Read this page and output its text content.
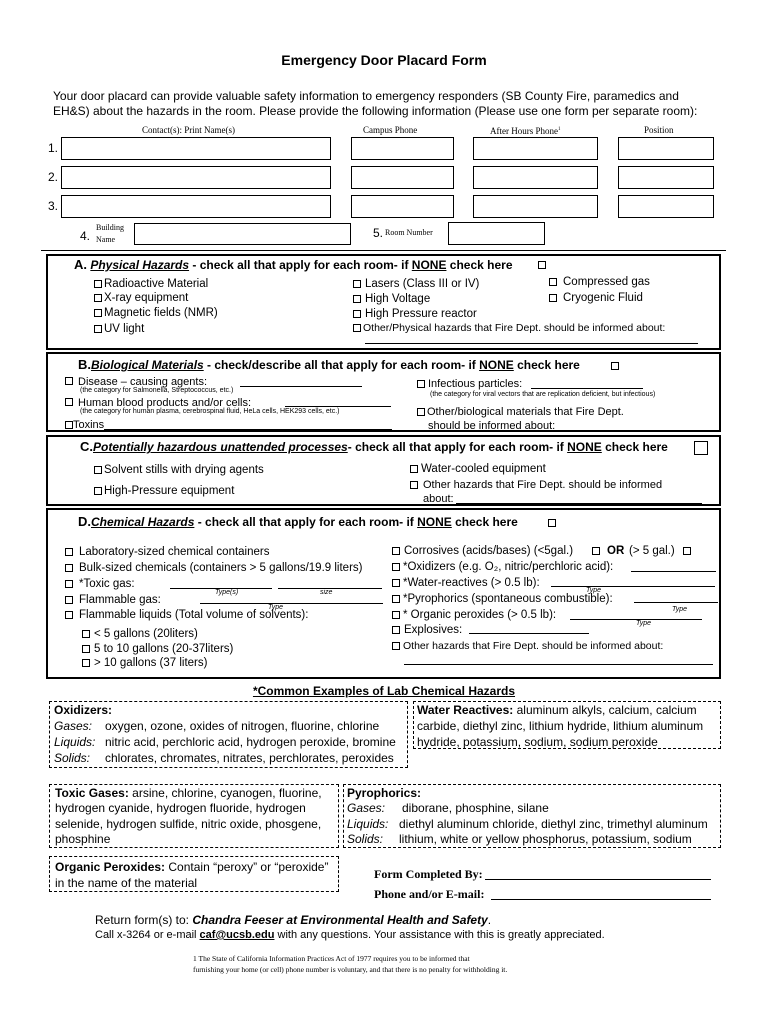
Emergency Door Placard Form
Your door placard can provide valuable safety information to emergency responders (SB County Fire, paramedics and
EH&S) about the hazards in the room. Please provide the following information (Please use one form per separate room):
Contact(s): Print Name(s)	Campus Phone	After Hours Phone$^1$	Position
1.
2.
3.
4.
Building
Name	5. Room Number
A. Physical Hazards - check all that apply for each room- if NONE check here
Radioactive Material
X-ray equipment
Magnetic fields (NMR)
UV light
Lasers (Class III or IV)
High Voltage
High Pressure reactor
Other/Physical hazards that Fire Dept. should be informed about:
Compressed gas
Cryogenic Fluid
B.Biological Materials - check/describe all that apply for each room- if NONE check here
Disease – causing agents:
(the category for Salmonella, Streptococcus, etc.)
Human blood products and/or cells:
(the category for human plasma, cerebrospinal fluid, HeLa cells, HEK293 cells, etc.)
Toxins
Infectious particles:
(the category for viral vectors that are replication deficient, but infectious)
Other/biological materials that Fire Dept.
should be informed about:
C.Potentially hazardous unattended processes- check all that apply for each room- if NONE check here
Solvent stills with drying agents
High-Pressure equipment
Water-cooled equipment
Other hazards that Fire Dept. should be informed
about:
D.Chemical Hazards - check all that apply for each room- if NONE check here
Laboratory-sized chemical containers
Bulk-sized chemicals (containers > 5 gallons/19.9 liters)
*Toxic gas:
Type(s)	size
Flammable gas:
Type
Flammable liquids (Total volume of solvents):
< 5 gallons (20liters)
5 to 10 gallons (20-37liters)
> 10 gallons (37 liters)
Corrosives (acids/bases) (<5gal.)	OR (> 5 gal.)
*Oxidizers (e.g. O₂, nitric/perchloric acid):
*Water-reactives (> 0.5 lb):
Type
*Pyrophorics (spontaneous combustible):
* Organic peroxides (> 0.5 lb):	Type
Type
Explosives:
Other hazards that Fire Dept. should be informed about:
*Common Examples of Lab Chemical Hazards
Oxidizers:
Gases: oxygen, ozone, oxides of nitrogen, fluorine, chlorine
Liquids: nitric acid, perchloric acid, hydrogen peroxide, bromine
Solids: chlorates, chromates, nitrates, perchlorates, peroxides
Water Reactives: aluminum alkyls, calcium, calcium
carbide, diethyl zinc, lithium hydride, lithium aluminum
hydride, potassium, sodium, sodium peroxide
Toxic Gases: arsine, chlorine, cyanogen, fluorine,
hydrogen cyanide, hydrogen fluoride, hydrogen
selenide, hydrogen sulfide, nitric oxide, phosgene,
phosphine
Pyrophorics:
Gases: diborane, phosphine, silane
Liquids: diethyl aluminum chloride, diethyl zinc, trimethyl aluminum
Solids: lithium, white or yellow phosphorus, potassium, sodium
Organic Peroxides: Contain “peroxy” or “peroxide”
in the name of the material
Form Completed By:
Phone and/or E-mail:
Return form(s) to: Chandra Feeser at Environmental Health and Safety.
Call x-3264 or e-mail caf@ucsb.edu with any questions. Your assistance with this is greatly appreciated.
1 The State of California Information Practices Act of 1977 requires you to be informed that
furnishing your home (or cell) phone number is voluntary, and that there is no penalty for withholding it.
